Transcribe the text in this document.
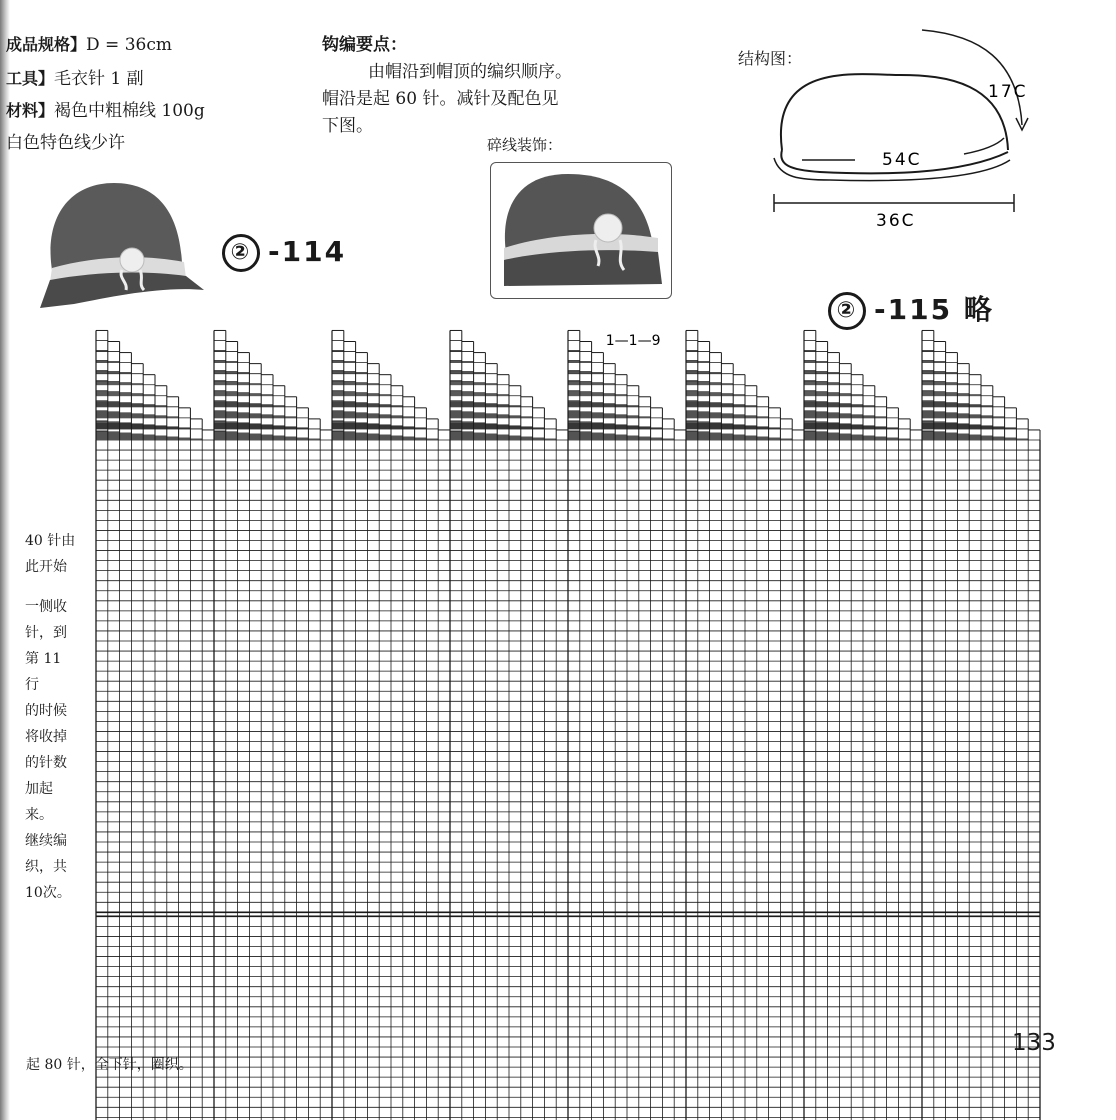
成品规格】D = 36cm
工具】毛衣针 1 副
材料】褐色中粗棉线 100g
白色特色线少许
钩编要点：
由帽沿到帽顶的编织顺序。
帽沿是起 60 针。减针及配色见
下图。
碎线装饰：
结构图：
17C
54C
36C
② -114
② -115 略
1—1—9
40 针由
此开始
一侧收
针，到
第 11 行
的时候
将收掉
的针数
加起来。
继续编
织，共
10次。
起 80 针，全下针，圈织。
133
